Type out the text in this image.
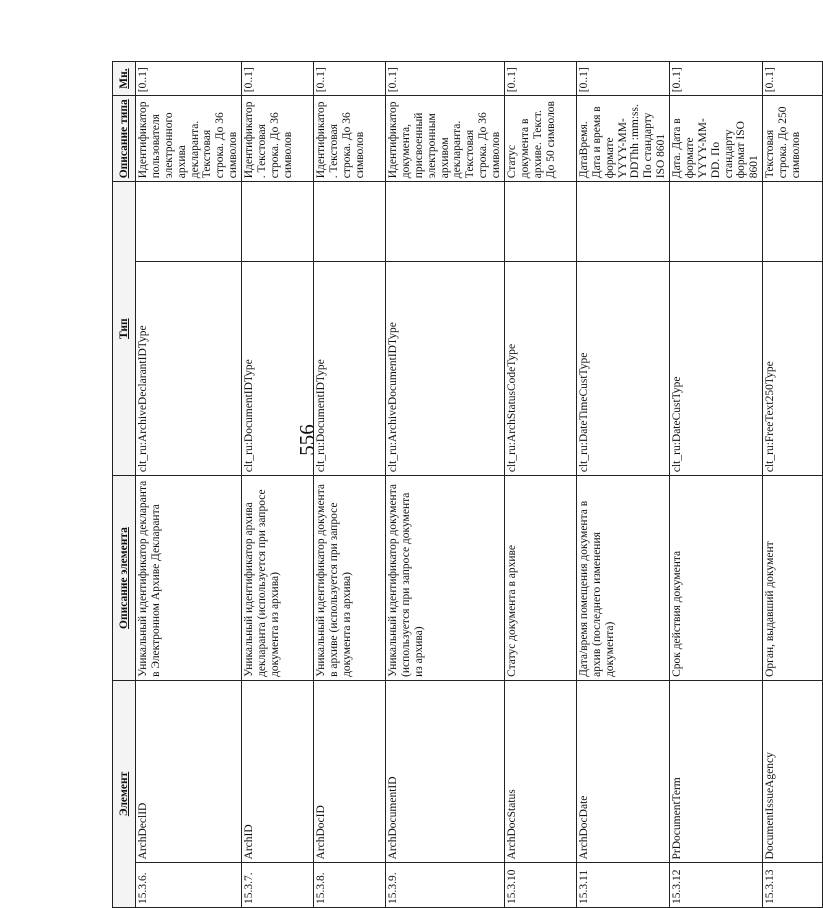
556
Элемент		Описание элемента	Тип		Описание типа	Мн.
15.3.6.	ArchDeclID	Уникальный идентификатор декларанта в Электронном Архиве Декларанта	clt_ru:ArchiveDeclarantIDType		Идентификатор пользователя электронного архива декларанта. Текстовая строка. До 36 символов	[0..1]
15.3.7.	ArchID	Уникальный идентификатор архива декларанта (используется при запросе документа из архива)	clt_ru:DocumentIDType		Идентификатор. Текстовая строка. До 36 символов	[0..1]
15.3.8.	ArchDocID	Уникальный идентификатор документа в архиве (используется при запросе документа из архива)	clt_ru:DocumentIDType		Идентификатор. Текстовая строка. До 36 символов	[0..1]
15.3.9.	ArchDocumentID	Уникальный идентификатор документа (используется при запросе документа из архива)	clt_ru:ArchiveDocumentIDType		Идентификатор документа, присвоенный электронным архивом декларанта. Текстовая строка. До 36 символов	[0..1]
15.3.10	ArchDocStatus	Статус документа в архиве	clt_ru:ArchStatusCodeType		Статус документа в архиве. Текст. До 50 символов	[0..1]
15.3.11	ArchDocDate	Дата/время помещения документа в архив (последнего изменения документа)	clt_ru:DateTimeCustType		ДатаВремя. Дата и время в формате YYYY-MM-DDThh :mm:ss. По стандарту ISO 8601	[0..1]
15.3.12	PrDocumentTerm	Срок действия документа	clt_ru:DateCustType		Дата. Дата в формате YYYY-MM-DD. По стандарту формат ISO 8601	[0..1]
15.3.13	DocumentIssueAgency	Орган, выдавший документ	clt_ru:FreeText250Type		Текстовая строка. До 250 символов	[0..1]
